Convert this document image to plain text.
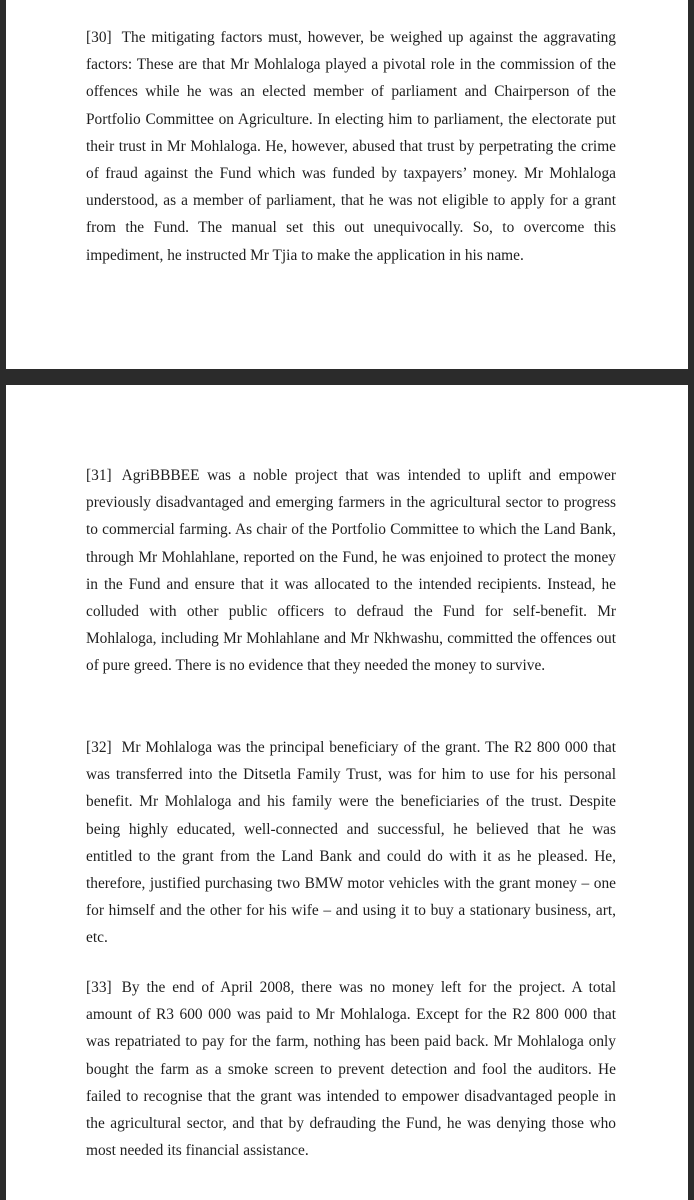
[30] The mitigating factors must, however, be weighed up against the aggravating factors: These are that Mr Mohlaloga played a pivotal role in the commission of the offences while he was an elected member of parliament and Chairperson of the Portfolio Committee on Agriculture. In electing him to parliament, the electorate put their trust in Mr Mohlaloga. He, however, abused that trust by perpetrating the crime of fraud against the Fund which was funded by taxpayers’ money. Mr Mohlaloga understood, as a member of parliament, that he was not eligible to apply for a grant from the Fund. The manual set this out unequivocally. So, to overcome this impediment, he instructed Mr Tjia to make the application in his name.

[31] AgriBBBEE was a noble project that was intended to uplift and empower previously disadvantaged and emerging farmers in the agricultural sector to progress to commercial farming. As chair of the Portfolio Committee to which the Land Bank, through Mr Mohlahlane, reported on the Fund, he was enjoined to protect the money in the Fund and ensure that it was allocated to the intended recipients. Instead, he colluded with other public officers to defraud the Fund for self-benefit. Mr Mohlaloga, including Mr Mohlahlane and Mr Nkhwashu, committed the offences out of pure greed. There is no evidence that they needed the money to survive.

[32] Mr Mohlaloga was the principal beneficiary of the grant. The R2 800 000 that was transferred into the Ditsetla Family Trust, was for him to use for his personal benefit. Mr Mohlaloga and his family were the beneficiaries of the trust. Despite being highly educated, well-connected and successful, he believed that he was entitled to the grant from the Land Bank and could do with it as he pleased. He, therefore, justified purchasing two BMW motor vehicles with the grant money – one for himself and the other for his wife – and using it to buy a stationary business, art, etc.

[33] By the end of April 2008, there was no money left for the project. A total amount of R3 600 000 was paid to Mr Mohlaloga. Except for the R2 800 000 that was repatriated to pay for the farm, nothing has been paid back. Mr Mohlaloga only bought the farm as a smoke screen to prevent detection and fool the auditors. He failed to recognise that the grant was intended to empower disadvantaged people in the agricultural sector, and that by defrauding the Fund, he was denying those who most needed its financial assistance.
